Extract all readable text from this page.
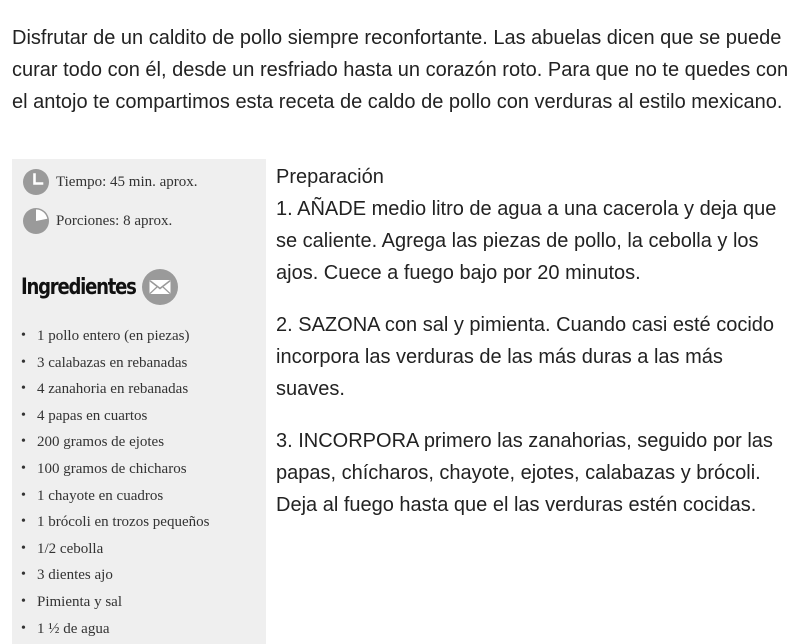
Disfrutar de un caldito de pollo siempre reconfortante. Las abuelas dicen que se puede curar todo con él, desde un resfriado hasta un corazón roto. Para que no te quedes con el antojo te compartimos esta receta de caldo de pollo con verduras al estilo mexicano.

Tiempo: 45 min. aprox.
Porciones: 8 aprox.
Ingredientes
• 1 pollo entero (en piezas)
• 3 calabazas en rebanadas
• 4 zanahoria en rebanadas
• 4 papas en cuartos
• 200 gramos de ejotes
• 100 gramos de chicharos
• 1 chayote en cuadros
• 1 brócoli en trozos pequeños
• 1/2 cebolla
• 3 dientes ajo
• Pimienta y sal
• 1 ½ de agua

Preparación

1. AÑADE medio litro de agua a una cacerola y deja que se caliente. Agrega las piezas de pollo, la cebolla y los ajos. Cuece a fuego bajo por 20 minutos.

2. SAZONA con sal y pimienta. Cuando casi esté cocido incorpora las verduras de las más duras a las más suaves.

3. INCORPORA primero las zanahorias, seguido por las papas, chícharos, chayote, ejotes, calabazas y brócoli. Deja al fuego hasta que el las verduras estén cocidas.
